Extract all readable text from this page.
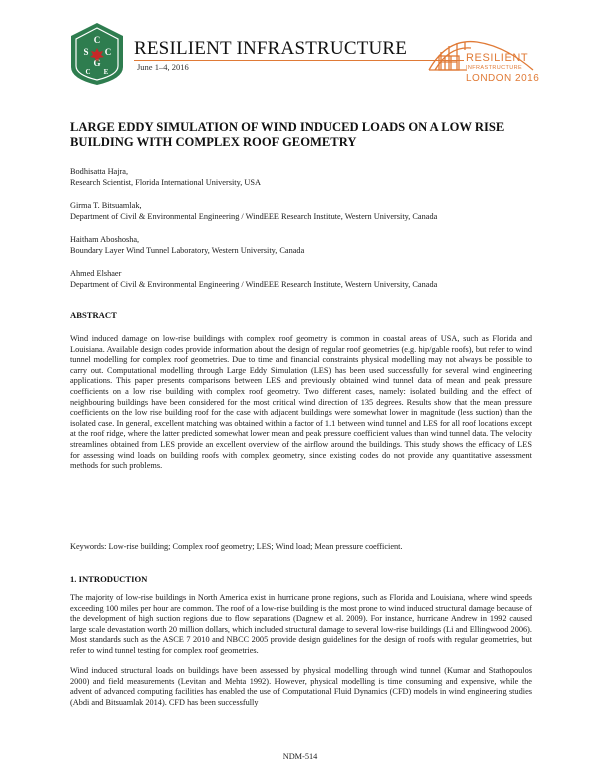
C
S C
G
C E
RESILIENT INFRASTRUCTURE
June 1–4, 2016
RESILIENT
INFRASTRUCTURE
LONDON 2016
LARGE EDDY SIMULATION OF WIND INDUCED LOADS ON A LOW RISE BUILDING WITH COMPLEX ROOF GEOMETRY
Bodhisatta Hajra,
Research Scientist, Florida International University, USA
Girma T. Bitsuamlak,
Department of Civil & Environmental Engineering / WindEEE Research Institute, Western University, Canada
Haitham Aboshosha,
Boundary Layer Wind Tunnel Laboratory, Western University, Canada
Ahmed Elshaer
Department of Civil & Environmental Engineering / WindEEE Research Institute, Western University, Canada
ABSTRACT

Wind induced damage on low-rise buildings with complex roof geometry is common in coastal areas of USA, such as Florida and Louisiana. Available design codes provide information about the design of regular roof geometries (e.g. hip/gable roofs), but refer to wind tunnel modelling for complex roof geometries. Due to time and financial constraints physical modelling may not always be possible to carry out. Computational modelling through Large Eddy Simulation (LES) has been used successfully for several wind engineering applications. This paper presents comparisons between LES and previously obtained wind tunnel data of mean and peak pressure coefficients on a low rise building with complex roof geometry. Two different cases, namely: isolated building and the effect of neighbouring buildings have been considered for the most critical wind direction of 135 degrees. Results show that the mean pressure coefficients on the low rise building roof for the case with adjacent buildings were somewhat lower in magnitude (less suction) than the isolated case. In general, excellent matching was obtained within a factor of 1.1 between wind tunnel and LES for all roof locations except at the roof ridge, where the latter predicted somewhat lower mean and peak pressure coefficient values than wind tunnel data. The velocity streamlines obtained from LES provide an excellent overview of the airflow around the buildings. This study shows the efficacy of LES for assessing wind loads on building roofs with complex geometry, since existing codes do not provide any quantitative assessment methods for such problems.

Keywords: Low-rise building; Complex roof geometry; LES; Wind load; Mean pressure coefficient.
1. INTRODUCTION

The majority of low-rise buildings in North America exist in hurricane prone regions, such as Florida and Louisiana, where wind speeds exceeding 100 miles per hour are common. The roof of a low-rise building is the most prone to wind induced structural damage because of the development of high suction regions due to flow separations (Dagnew et al. 2009). For instance, hurricane Andrew in 1992 caused large scale devastation worth 20 million dollars, which included structural damage to several low-rise buildings (Li and Ellingwood 2006). Most standards such as the ASCE 7 2010 and NBCC 2005 provide design guidelines for the design of roofs with regular geometries, but refer to wind tunnel testing for complex roof geometries.

Wind induced structural loads on buildings have been assessed by physical modelling through wind tunnel (Kumar and Stathopoulos 2000) and field measurements (Levitan and Mehta 1992). However, physical modelling is time consuming and expensive, while the advent of advanced computing facilities has enabled the use of Computational Fluid Dynamics (CFD) models in wind engineering studies (Abdi and Bitsuamlak 2014). CFD has been successfully

NDM-514
